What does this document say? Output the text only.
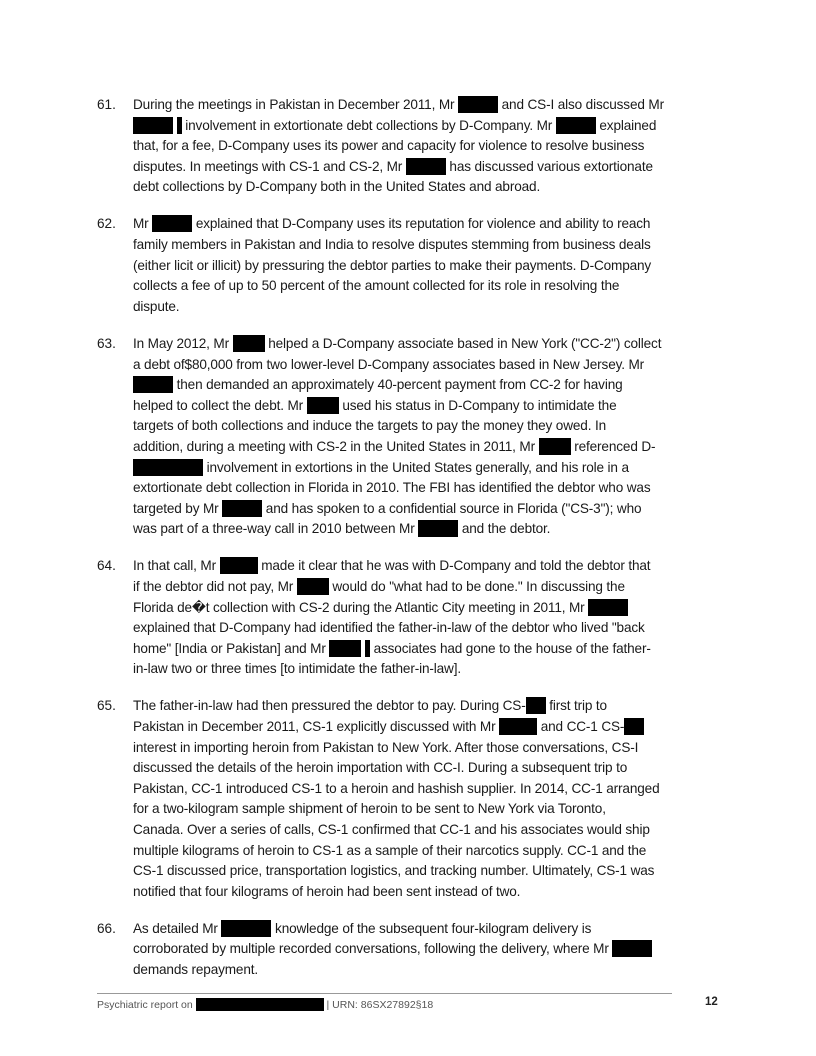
61. During the meetings in Pakistan in December 2011, Mr	and CS-I also discussed Mr
involvement in extortionate debt collections by D-Company. Mr	explained
that, for a fee, D-Company uses its power and capacity for violence to resolve business
disputes. In meetings with CS-1 and CS-2, Mr	has discussed various extortionate
debt collections by D-Company both in the United States and abroad.
62. Mr	explained that D-Company uses its reputation for violence and ability to reach
family members in Pakistan and India to resolve disputes stemming from business deals
(either licit or illicit) by pressuring the debtor parties to make their payments. D-Company
collects a fee of up to 50 percent of the amount collected for its role in resolving the
dispute.
63. In May 2012, Mr  helped a D-Company associate based in New York ("CC-2") collect
a debt of$80,000 from two lower-level D-Company associates based in New Jersey. Mr
then demanded an approximately 40-percent payment from CC-2 for having
helped to collect the debt. Mr  used his status in D-Company to intimidate the
targets of both collections and induce the targets to pay the money they owed. In
addition, during a meeting with CS-2 in the United States in 2011, Mr  referenced D-
involvement in extortions in the United States generally, and his role in a
extortionate debt collection in Florida in 2010. The FBI has identified the debtor who was
targeted by Mr	and has spoken to a confidential source in Florida ("CS-3"); who
was part of a three-way call in 2010 between Mr	and the debtor.
64. In that call, Mr	made it clear that he was with D-Company and told the debtor that
if the debtor did not pay, Mr  would do "what had to be done." In discussing the
Florida de�t collection with CS-2 during the Atlantic City meeting in 2011, Mr
explained that D-Company had identified the father-in-law of the debtor who lived "back
home" [India or Pakistan] and Mr	associates had gone to the house of the father-
in-law two or three times [to intimidate the father-in-law].
65. The father-in-law had then pressured the debtor to pay. During CS- first trip to
Pakistan in December 2011, CS-1 explicitly discussed with Mr	and CC-1 CS-
interest in importing heroin from Pakistan to New York. After those conversations, CS-I
discussed the details of the heroin importation with CC-I. During a subsequent trip to
Pakistan, CC-1 introduced CS-1 to a heroin and hashish supplier. In 2014, CC-1 arranged
for a two-kilogram sample shipment of heroin to be sent to New York via Toronto,
Canada. Over a series of calls, CS-1 confirmed that CC-1 and his associates would ship
multiple kilograms of heroin to CS-1 as a sample of their narcotics supply. CC-1 and the
CS-1 discussed price, transportation logistics, and tracking number. Ultimately, CS-1 was
notified that four kilograms of heroin had been sent instead of two.
66. As detailed Mr	knowledge of the subsequent four-kilogram delivery is
corroborated by multiple recorded conversations, following the delivery, where Mr
demands repayment.
Psychiatric report on	| URN: 86SX27892§18	12
